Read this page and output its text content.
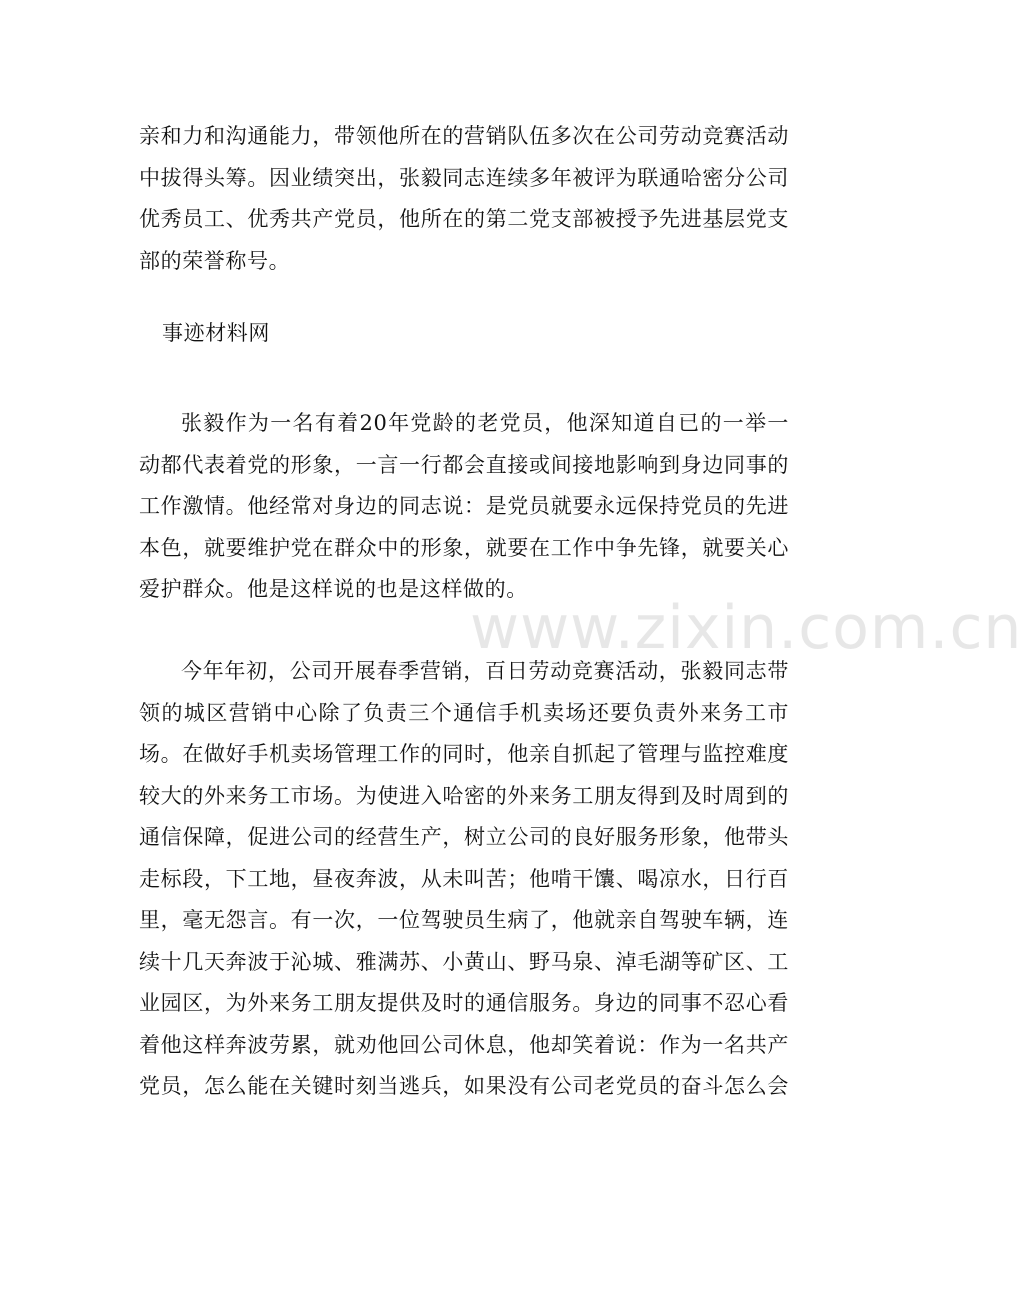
亲和力和沟通能力，带领他所在的营销队伍多次在公司劳动竞赛活动
中拔得头筹。因业绩突出，张毅同志连续多年被评为联通哈密分公司
优秀员工、优秀共产党员，他所在的第二党支部被授予先进基层党支
部的荣誉称号。
事迹材料网
张毅作为一名有着20年党龄的老党员，他深知道自已的一举一
动都代表着党的形象，一言一行都会直接或间接地影响到身边同事的
工作激情。他经常对身边的同志说：是党员就要永远保持党员的先进
本色，就要维护党在群众中的形象，就要在工作中争先锋，就要关心
爱护群众。他是这样说的也是这样做的。
今年年初，公司开展春季营销，百日劳动竞赛活动，张毅同志带
领的城区营销中心除了负责三个通信手机卖场还要负责外来务工市
场。在做好手机卖场管理工作的同时，他亲自抓起了管理与监控难度
较大的外来务工市场。为使进入哈密的外来务工朋友得到及时周到的
通信保障，促进公司的经营生产，树立公司的良好服务形象，他带头
走标段，下工地，昼夜奔波，从未叫苦；他啃干馕、喝凉水，日行百
里，毫无怨言。有一次，一位驾驶员生病了，他就亲自驾驶车辆，连
续十几天奔波于沁城、雅满苏、小黄山、野马泉、淖毛湖等矿区、工
业园区，为外来务工朋友提供及时的通信服务。身边的同事不忍心看
着他这样奔波劳累，就劝他回公司休息，他却笑着说：作为一名共产
党员，怎么能在关键时刻当逃兵，如果没有公司老党员的奋斗怎么会
www.zixin.com.cn
